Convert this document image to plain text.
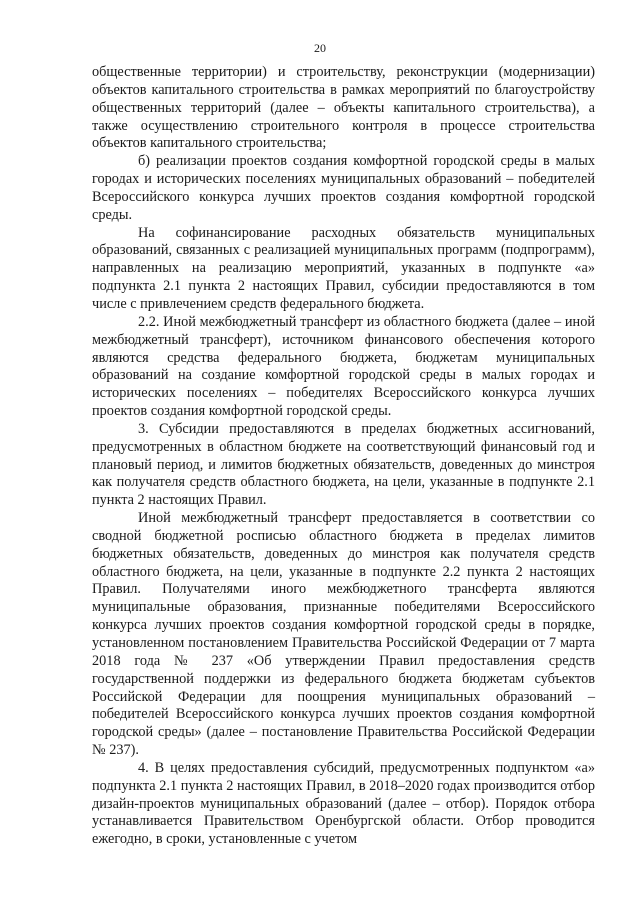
20

общественные территории) и строительству, реконструкции (модернизации) объектов капитального строительства в рамках мероприятий по благоустройству общественных территорий (далее – объекты капитального строительства), а также осуществлению строительного контроля в процессе строительства объектов капитального строительства;

б) реализации проектов создания комфортной городской среды в малых городах и исторических поселениях муниципальных образований – победителей Всероссийского конкурса лучших проектов создания комфортной городской среды.

На софинансирование расходных обязательств муниципальных образований, связанных с реализацией муниципальных программ (подпрограмм), направленных на реализацию мероприятий, указанных в подпункте «а» подпункта 2.1 пункта 2 настоящих Правил, субсидии предоставляются в том числе с привлечением средств федерального бюджета.

2.2. Иной межбюджетный трансферт из областного бюджета (далее – иной межбюджетный трансферт), источником финансового обеспечения которого являются средства федерального бюджета, бюджетам муниципальных образований на создание комфортной городской среды в малых городах и исторических поселениях – победителях Всероссийского конкурса лучших проектов создания комфортной городской среды.

3. Субсидии предоставляются в пределах бюджетных ассигнований, предусмотренных в областном бюджете на соответствующий финансовый год и плановый период, и лимитов бюджетных обязательств, доведенных до минстроя как получателя средств областного бюджета, на цели, указанные в подпункте 2.1 пункта 2 настоящих Правил.

Иной межбюджетный трансферт предоставляется в соответствии со сводной бюджетной росписью областного бюджета в пределах лимитов бюджетных обязательств, доведенных до минстроя как получателя средств областного бюджета, на цели, указанные в подпункте 2.2 пункта 2 настоящих Правил. Получателями иного межбюджетного трансферта являются муниципальные образования, признанные победителями Всероссийского конкурса лучших проектов создания комфортной городской среды в порядке, установленном постановлением Правительства Российской Федерации от 7 марта 2018 года № 237 «Об утверждении Правил предоставления средств государственной поддержки из федерального бюджета бюджетам субъектов Российской Федерации для поощрения муниципальных образований – победителей Всероссийского конкурса лучших проектов создания комфортной городской среды» (далее – постановление Правительства Российской Федерации № 237).

4. В целях предоставления субсидий, предусмотренных подпунктом «а» подпункта 2.1 пункта 2 настоящих Правил, в 2018–2020 годах производится отбор дизайн-проектов муниципальных образований (далее – отбор). Порядок отбора устанавливается Правительством Оренбургской области. Отбор проводится ежегодно, в сроки, установленные с учетом
